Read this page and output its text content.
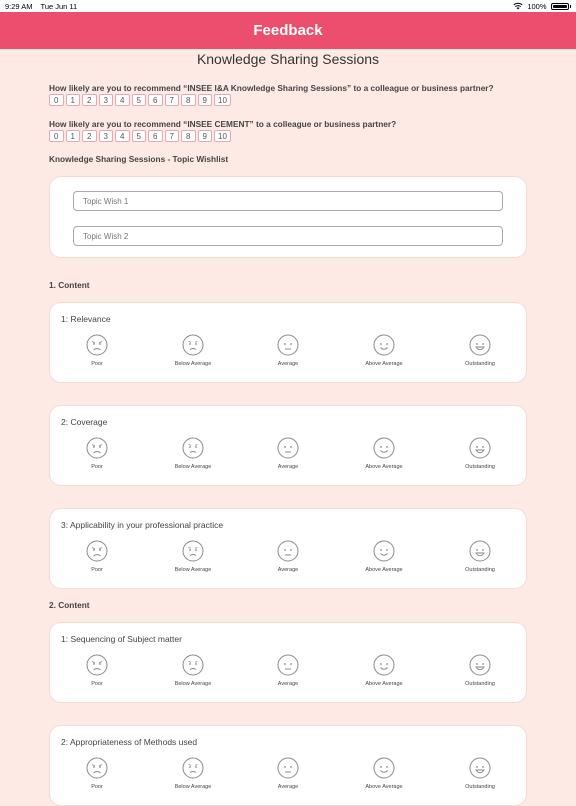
9:29 AM Tue Jun 11	100%
Feedback
Knowledge Sharing Sessions
How likely are you to recommend “INSEE I&A Knowledge Sharing Sessions” to a colleague or business partner?
0	1	2	3	4	5	6	7	8	9	10
How likely are you to recommend “INSEE CEMENT” to a colleague or business partner?
0	1	2	3	4	5	6	7	8	9	10
Knowledge Sharing Sessions - Topic Wishlist
Topic Wish 1
Topic Wish 2
1. Content
1: Relevance
Poor	Below Average	Average	Above Average	Outstanding
2: Coverage
Poor	Below Average	Average	Above Average	Outstanding
3: Applicability in your professional practice
Poor	Below Average	Average	Above Average	Outstanding
2. Content
1: Sequencing of Subject matter
Poor	Below Average	Average	Above Average	Outstanding
2: Appropriateness of Methods used
Poor	Below Average	Average	Above Average	Outstanding
